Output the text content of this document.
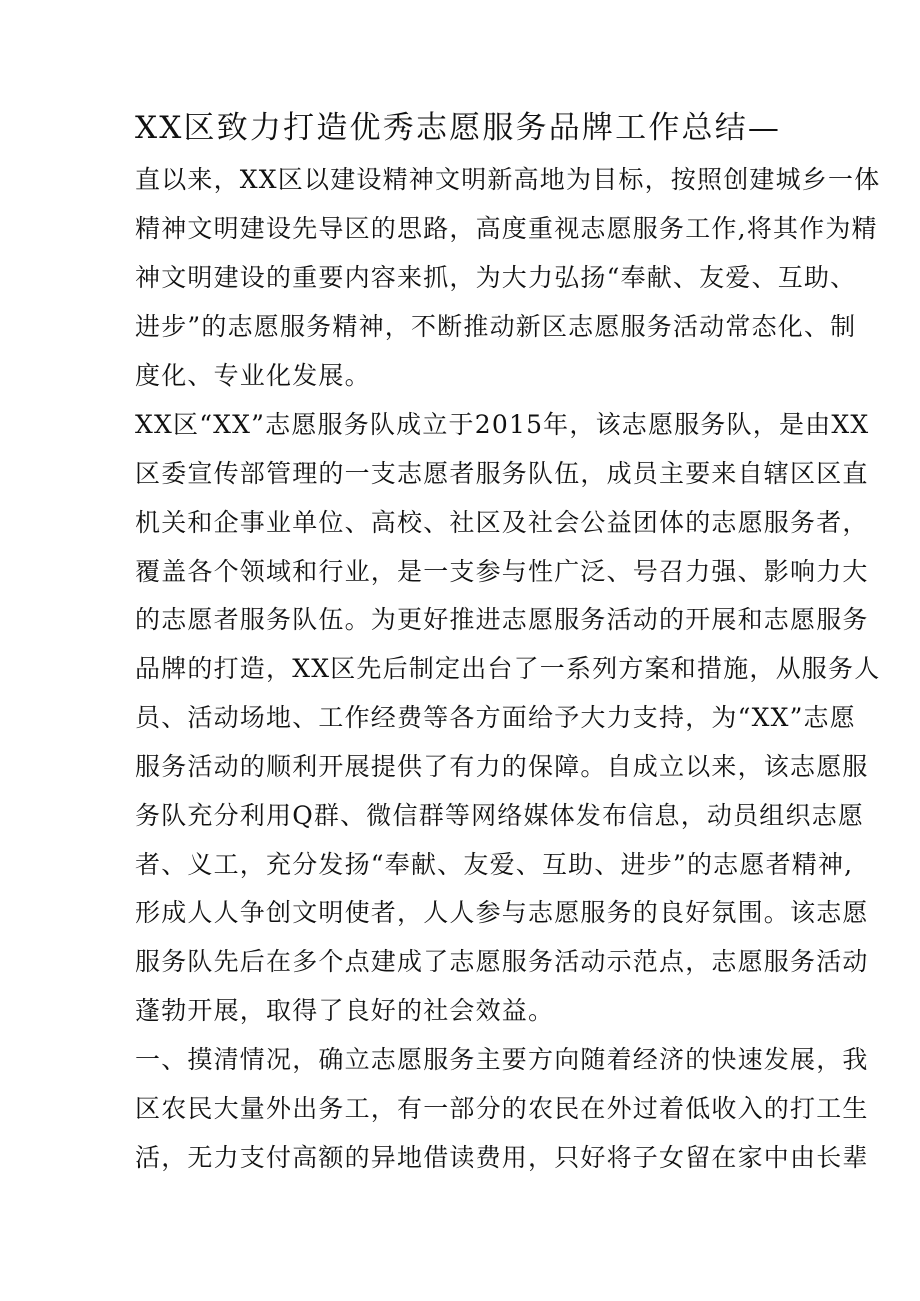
XX区致力打造优秀志愿服务品牌工作总结—
直以来，XX区以建设精神文明新高地为目标，按照创建城乡一体
精神文明建设先导区的思路，高度重视志愿服务工作,将其作为精
神文明建设的重要内容来抓，为大力弘扬“奉献、友爱、互助、
进步”的志愿服务精神，不断推动新区志愿服务活动常态化、制
度化、专业化发展。
XX区“XX”志愿服务队成立于2015年，该志愿服务队，是由XX
区委宣传部管理的一支志愿者服务队伍，成员主要来自辖区区直
机关和企事业单位、高校、社区及社会公益团体的志愿服务者，
覆盖各个领域和行业，是一支参与性广泛、号召力强、影响力大
的志愿者服务队伍。为更好推进志愿服务活动的开展和志愿服务
品牌的打造，XX区先后制定出台了一系列方案和措施，从服务人
员、活动场地、工作经费等各方面给予大力支持，为“XX”志愿
服务活动的顺利开展提供了有力的保障。自成立以来，该志愿服
务队充分利用Q群、微信群等网络媒体发布信息，动员组织志愿
者、义工，充分发扬“奉献、友爱、互助、进步”的志愿者精神,
形成人人争创文明使者，人人参与志愿服务的良好氛围。该志愿
服务队先后在多个点建成了志愿服务活动示范点，志愿服务活动
蓬勃开展，取得了良好的社会效益。
一、摸清情况，确立志愿服务主要方向随着经济的快速发展，我
区农民大量外出务工，有一部分的农民在外过着低收入的打工生
活，无力支付高额的异地借读费用，只好将子女留在家中由长辈
